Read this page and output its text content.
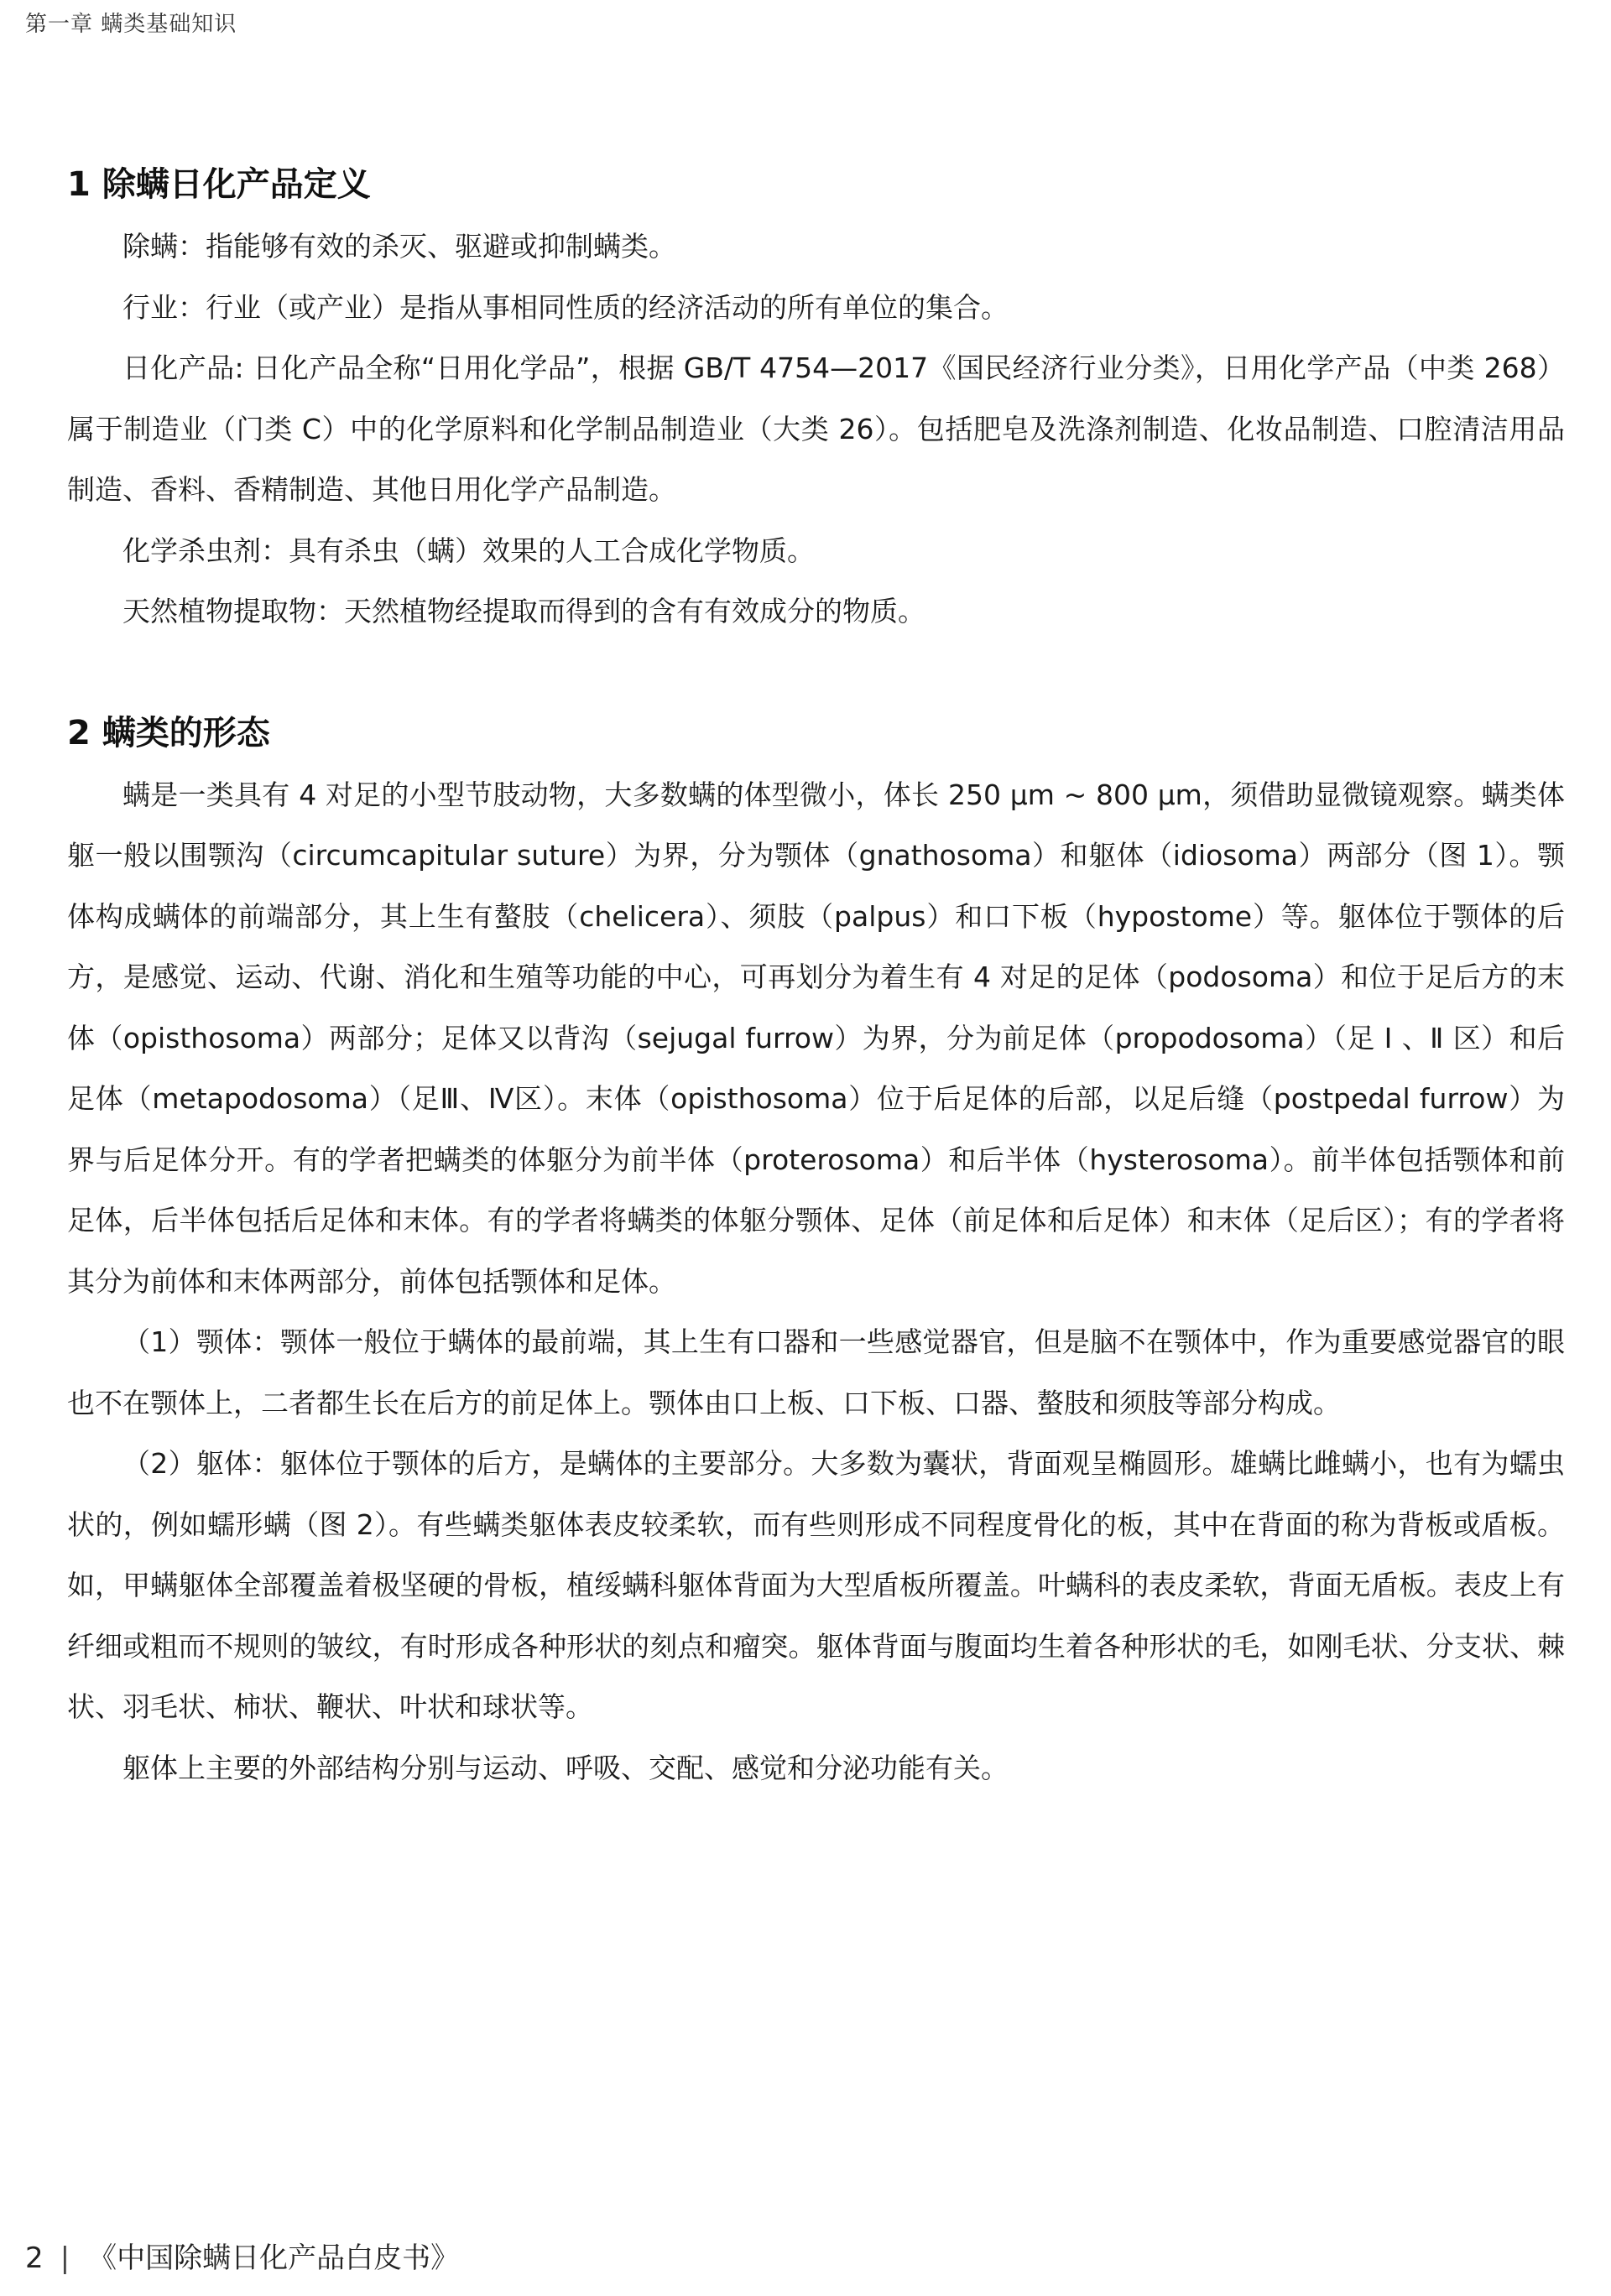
第一章 螨类基础知识
1 除螨日化产品定义

除螨：指能够有效的杀灭、驱避或抑制螨类。

行业：行业（或产业）是指从事相同性质的经济活动的所有单位的集合。

日化产品: 日化产品全称“日用化学品”，根据 GB/T 4754—2017《国民经济行业分类》，日用化学产品（中类 268）属于制造业（门类 C）中的化学原料和化学制品制造业（大类 26）。包括肥皂及洗涤剂制造、化妆品制造、口腔清洁用品制造、香料、香精制造、其他日用化学产品制造。

化学杀虫剂：具有杀虫（螨）效果的人工合成化学物质。

天然植物提取物：天然植物经提取而得到的含有有效成分的物质。

2 螨类的形态

螨是一类具有 4 对足的小型节肢动物，大多数螨的体型微小，体长 250 μm ~ 800 μm，须借助显微镜观察。螨类体躯一般以围颚沟（circumcapitular suture）为界，分为颚体（gnathosoma）和躯体（idiosoma）两部分（图 1）。颚体构成螨体的前端部分，其上生有螯肢（chelicera）、须肢（palpus）和口下板（hypostome）等。躯体位于颚体的后方，是感觉、运动、代谢、消化和生殖等功能的中心，可再划分为着生有 4 对足的足体（podosoma）和位于足后方的末体（opisthosoma）两部分；足体又以背沟（sejugal furrow）为界，分为前足体（propodosoma）（足 Ⅰ 、Ⅱ 区）和后足体（metapodosoma）（足Ⅲ、Ⅳ区）。末体（opisthosoma）位于后足体的后部，以足后缝（postpedal furrow）为界与后足体分开。有的学者把螨类的体躯分为前半体（proterosoma）和后半体（hysterosoma）。前半体包括颚体和前足体，后半体包括后足体和末体。有的学者将螨类的体躯分颚体、足体（前足体和后足体）和末体（足后区）；有的学者将其分为前体和末体两部分，前体包括颚体和足体。

（1）颚体：颚体一般位于螨体的最前端，其上生有口器和一些感觉器官，但是脑不在颚体中，作为重要感觉器官的眼也不在颚体上，二者都生长在后方的前足体上。颚体由口上板、口下板、口器、螯肢和须肢等部分构成。

（2）躯体：躯体位于颚体的后方，是螨体的主要部分。大多数为囊状，背面观呈椭圆形。雄螨比雌螨小，也有为蠕虫状的，例如蠕形螨（图 2）。有些螨类躯体表皮较柔软，而有些则形成不同程度骨化的板，其中在背面的称为背板或盾板。如，甲螨躯体全部覆盖着极坚硬的骨板，植绥螨科躯体背面为大型盾板所覆盖。叶螨科的表皮柔软，背面无盾板。表皮上有纤细或粗而不规则的皱纹，有时形成各种形状的刻点和瘤突。躯体背面与腹面均生着各种形状的毛，如刚毛状、分支状、棘状、羽毛状、柿状、鞭状、叶状和球状等。

躯体上主要的外部结构分别与运动、呼吸、交配、感觉和分泌功能有关。

2 | 《中国除螨日化产品白皮书》
